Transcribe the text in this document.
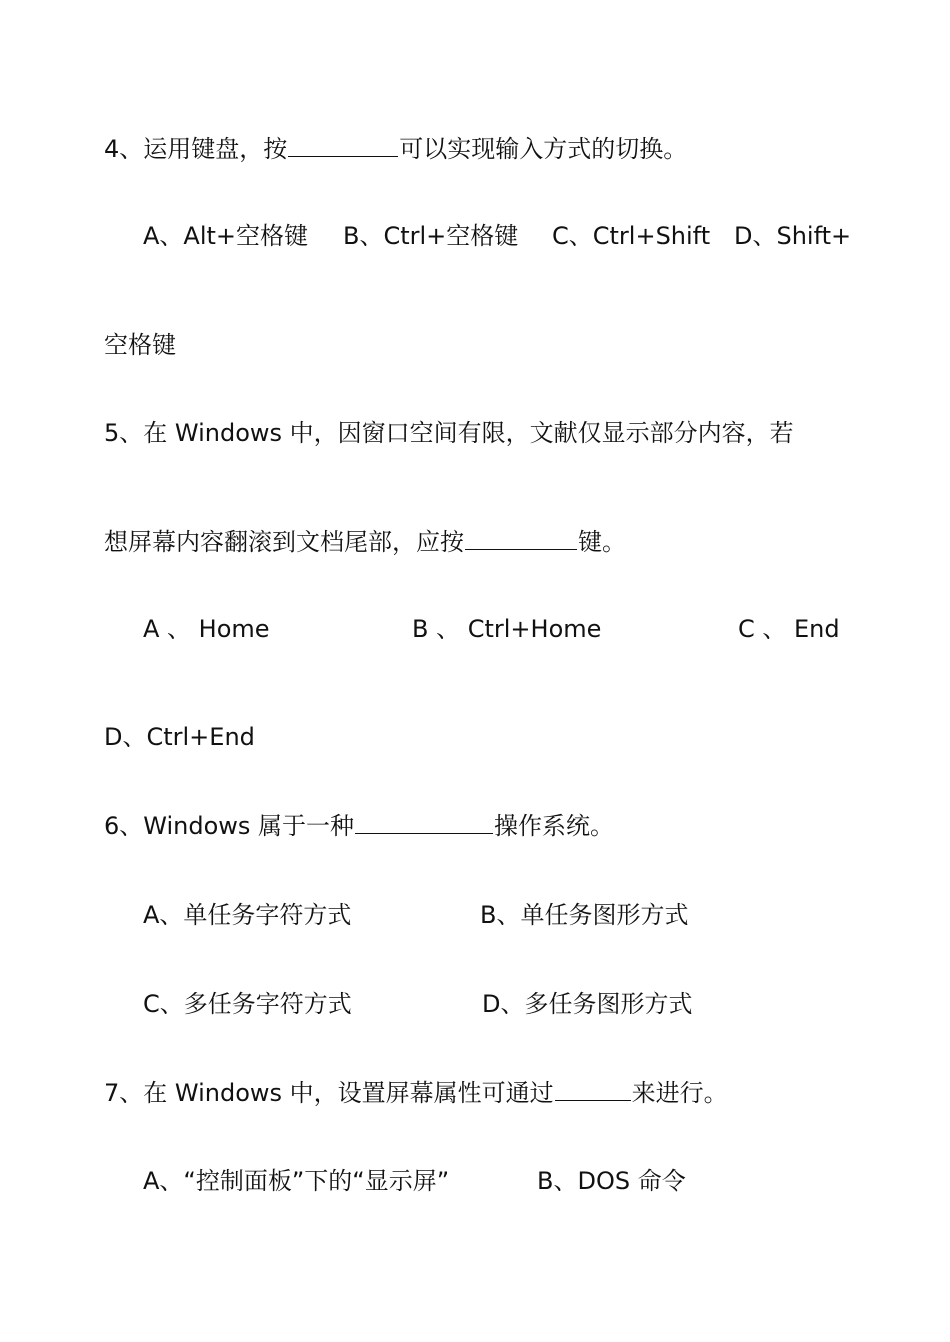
4、运用键盘，按	可以实现输入方式的切换。
A、Alt+空格键 B、Ctrl+空格键 C、Ctrl+Shift D、Shift+
空格键
5、在 Windows 中，因窗口空间有限，文献仅显示部分内容，若
想屏幕内容翻滚到文档尾部，应按	键。
A 、 Home	B 、 Ctrl+Home	C 、 End
D、Ctrl+End
6、Windows 属于一种	操作系统。
A、单任务字符方式	B、单任务图形方式
C、多任务字符方式	D、多任务图形方式
7、在 Windows 中，设置屏幕属性可通过	来进行。
A、“控制面板”下的“显示屏”	B、DOS 命令
